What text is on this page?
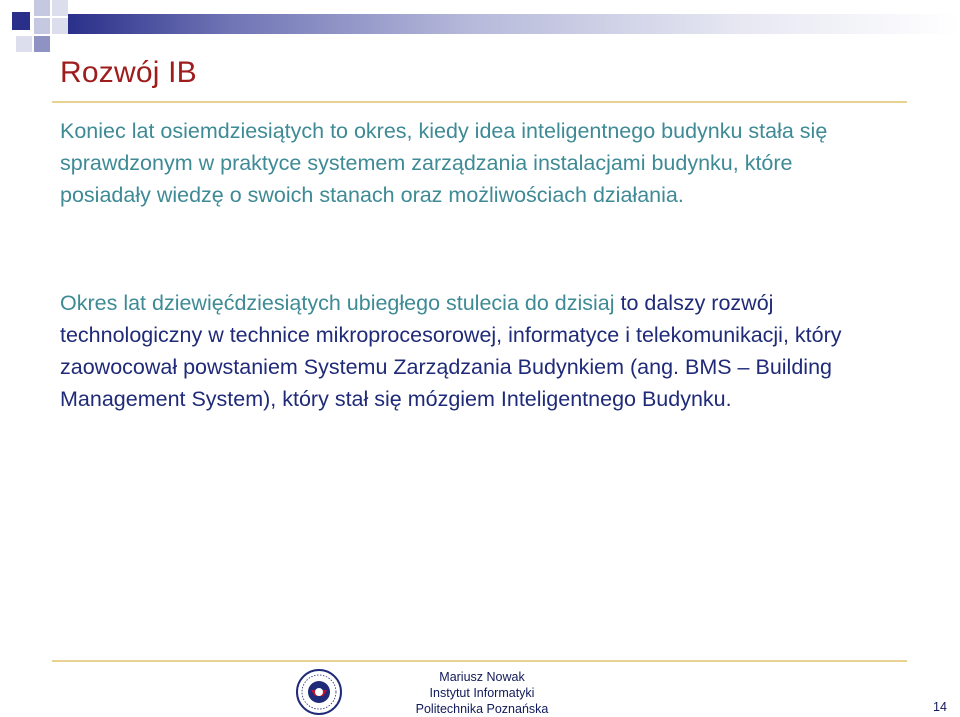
Rozwój IB

Koniec lat osiemdziesiątych to okres, kiedy idea inteligentnego budynku stała się sprawdzonym w praktyce systemem zarządzania instalacjami budynku, które posiadały wiedzę o swoich stanach oraz możliwościach działania.

Okres lat dziewięćdziesiątych ubiegłego stulecia do dzisiaj to dalszy rozwój technologiczny w technice mikroprocesorowej, informatyce i telekomunikacji, który zaowocował powstaniem Systemu Zarządzania Budynkiem (ang. BMS – Building Management System), który stał się mózgiem Inteligentnego Budynku.

Mariusz Nowak
Instytut Informatyki
Politechnika Poznańska	14
